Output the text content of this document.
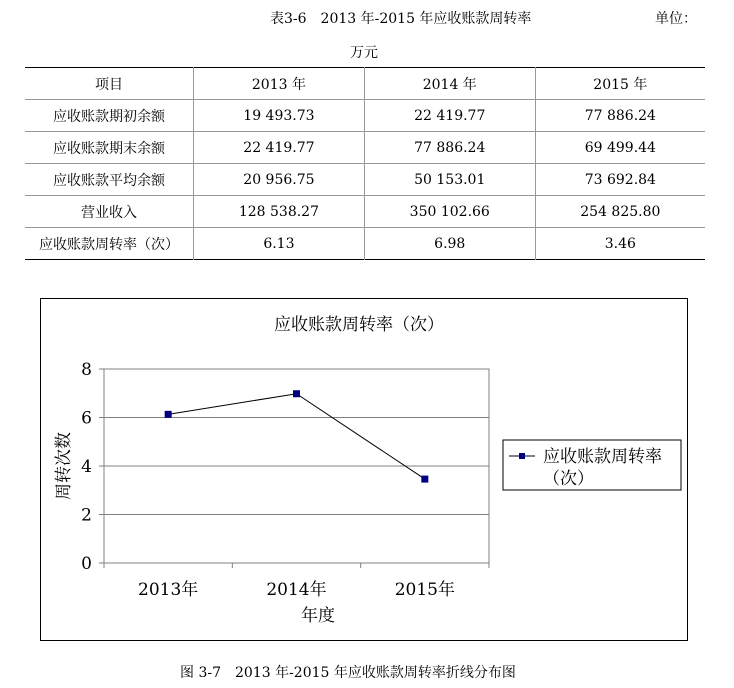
表3-6　2013 年-2015 年应收账款周转率	单位：
万元
项目	2013 年	2014 年	2015 年
应收账款期初余额	19 493.73	22 419.77	77 886.24
应收账款期末余额	22 419.77	77 886.24	69 499.44
应收账款平均余额	20 956.75	50 153.01	73 692.84
营业收入	128 538.27	350 102.66	254 825.80
应收账款周转率（次）	6.13	6.98	3.46
应收账款周转率（次）
0
2
4
6
8
2013年	2014年	2015年
年度
周转次数	应收账款周转率
（次）
图 3-7　2013 年-2015 年应收账款周转率折线分布图
